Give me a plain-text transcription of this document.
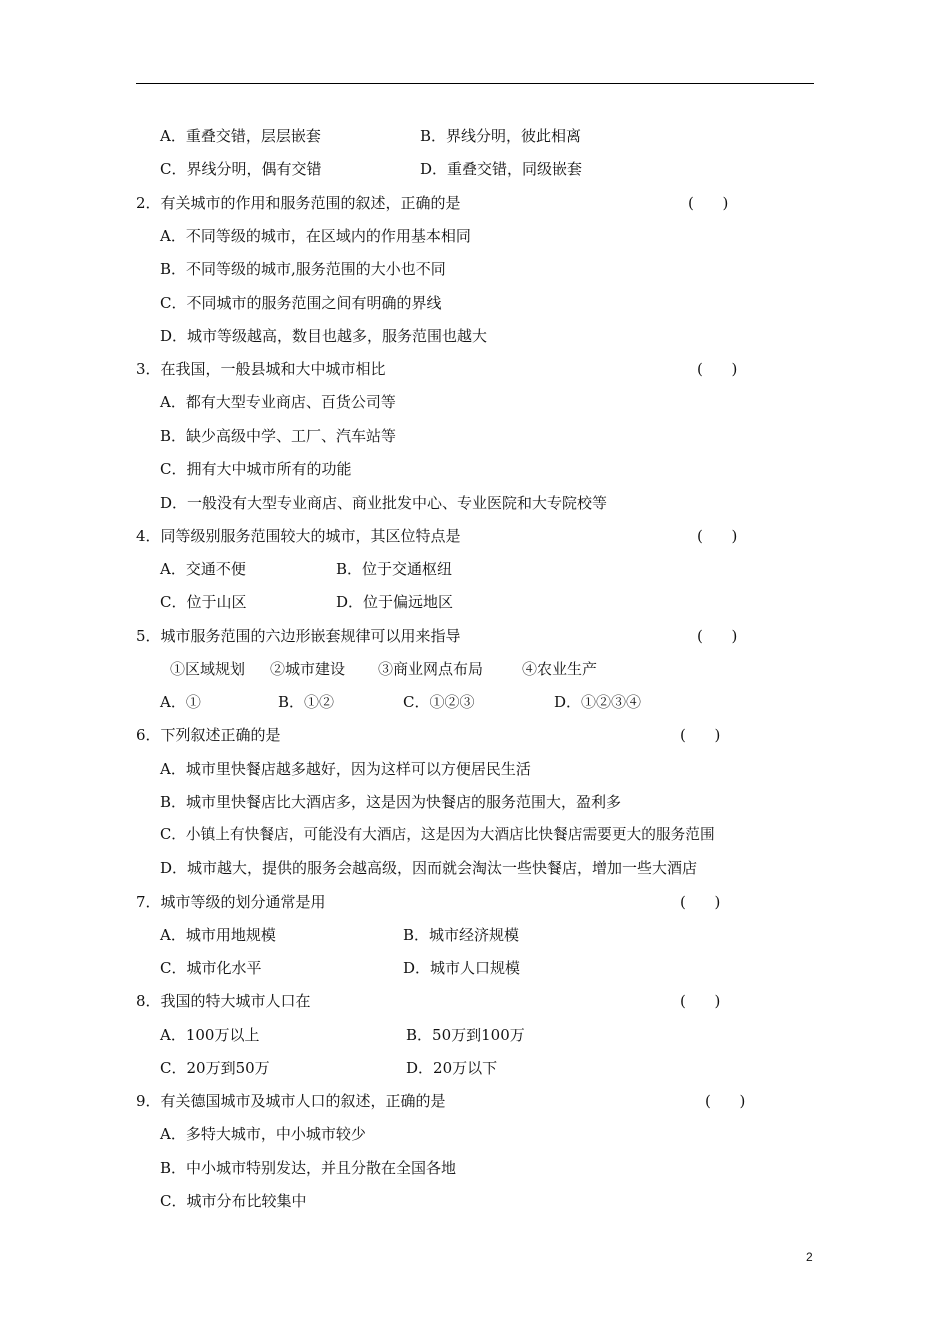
A．重叠交错，层层嵌套	B．界线分明，彼此相离
C．界线分明，偶有交错	D．重叠交错，同级嵌套
2．有关城市的作用和服务范围的叙述，正确的是	(      )
A．不同等级的城市，在区域内的作用基本相同
B．不同等级的城市,服务范围的大小也不同
C．不同城市的服务范围之间有明确的界线
D．城市等级越高，数目也越多，服务范围也越大
3．在我国，一般县城和大中城市相比	(      )
A．都有大型专业商店、百货公司等
B．缺少高级中学、工厂、汽车站等
C．拥有大中城市所有的功能
D．一般没有大型专业商店、商业批发中心、专业医院和大专院校等
4．同等级别服务范围较大的城市，其区位特点是	(      )
A．交通不便	B．位于交通枢纽
C．位于山区	D．位于偏远地区
5．城市服务范围的六边形嵌套规律可以用来指导	(      )
①区域规划 ②城市建设 ③商业网点布局	④农业生产
A．①	B．①②	C．①②③	D．①②③④
6．下列叙述正确的是	(      )
A．城市里快餐店越多越好，因为这样可以方便居民生活
B．城市里快餐店比大酒店多，这是因为快餐店的服务范围大，盈利多
C．小镇上有快餐店，可能没有大酒店，这是因为大酒店比快餐店需要更大的服务范围
D．城市越大，提供的服务会越高级，因而就会淘汰一些快餐店，增加一些大酒店
7．城市等级的划分通常是用	(      )
A．城市用地规模	B．城市经济规模
C．城市化水平	D．城市人口规模
8．我国的特大城市人口在	(      )
A．100万以上	B．50万到100万
C．20万到50万	D．20万以下
9．有关德国城市及城市人口的叙述，正确的是	(      )
A．多特大城市，中小城市较少
B．中小城市特别发达，并且分散在全国各地
C．城市分布比较集中
2
